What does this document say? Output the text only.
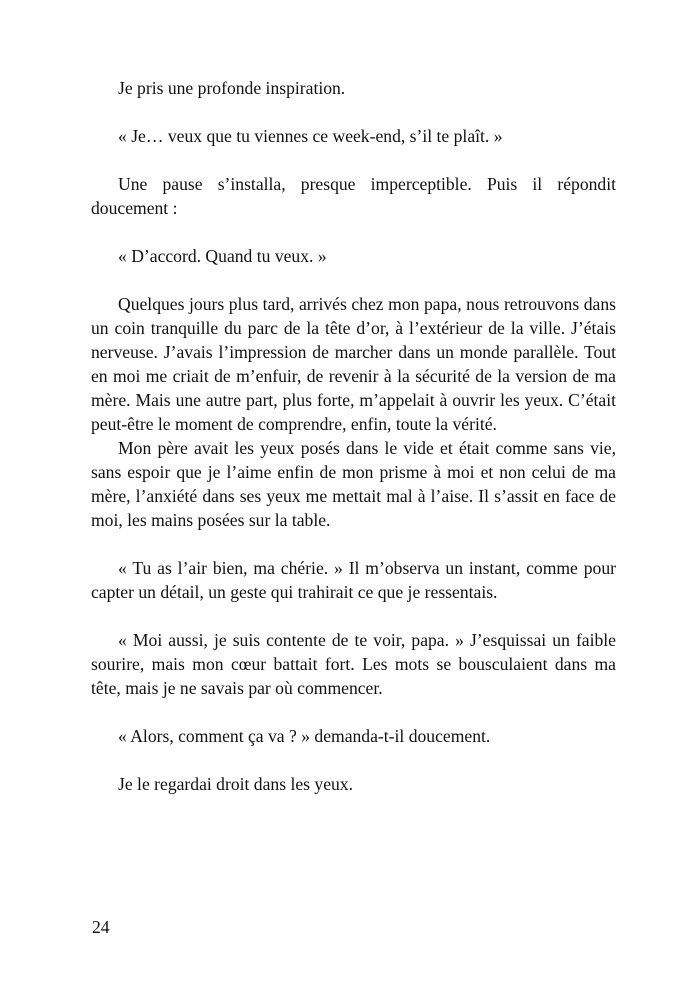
Je pris une profonde inspiration.

« Je… veux que tu viennes ce week-end, s’il te plaît. »

Une pause s’installa, presque imperceptible. Puis il répondit doucement :

« D’accord. Quand tu veux. »

Quelques jours plus tard, arrivés chez mon papa, nous retrouvons dans un coin tranquille du parc de la tête d’or, à l’extérieur de la ville. J’étais nerveuse. J’avais l’impression de marcher dans un monde parallèle. Tout en moi me criait de m’enfuir, de revenir à la sécurité de la version de ma mère. Mais une autre part, plus forte, m’appelait à ouvrir les yeux. C’était peut-être le moment de comprendre, enfin, toute la vérité.

Mon père avait les yeux posés dans le vide et était comme sans vie, sans espoir que je l’aime enfin de mon prisme à moi et non celui de ma mère, l’anxiété dans ses yeux me mettait mal à l’aise. Il s’assit en face de moi, les mains posées sur la table.

« Tu as l’air bien, ma chérie. » Il m’observa un instant, comme pour capter un détail, un geste qui trahirait ce que je ressentais.

« Moi aussi, je suis contente de te voir, papa. » J’esquissai un faible sourire, mais mon cœur battait fort. Les mots se bousculaient dans ma tête, mais je ne savais par où commencer.

« Alors, comment ça va ? » demanda-t-il doucement.

Je le regardai droit dans les yeux.

24
